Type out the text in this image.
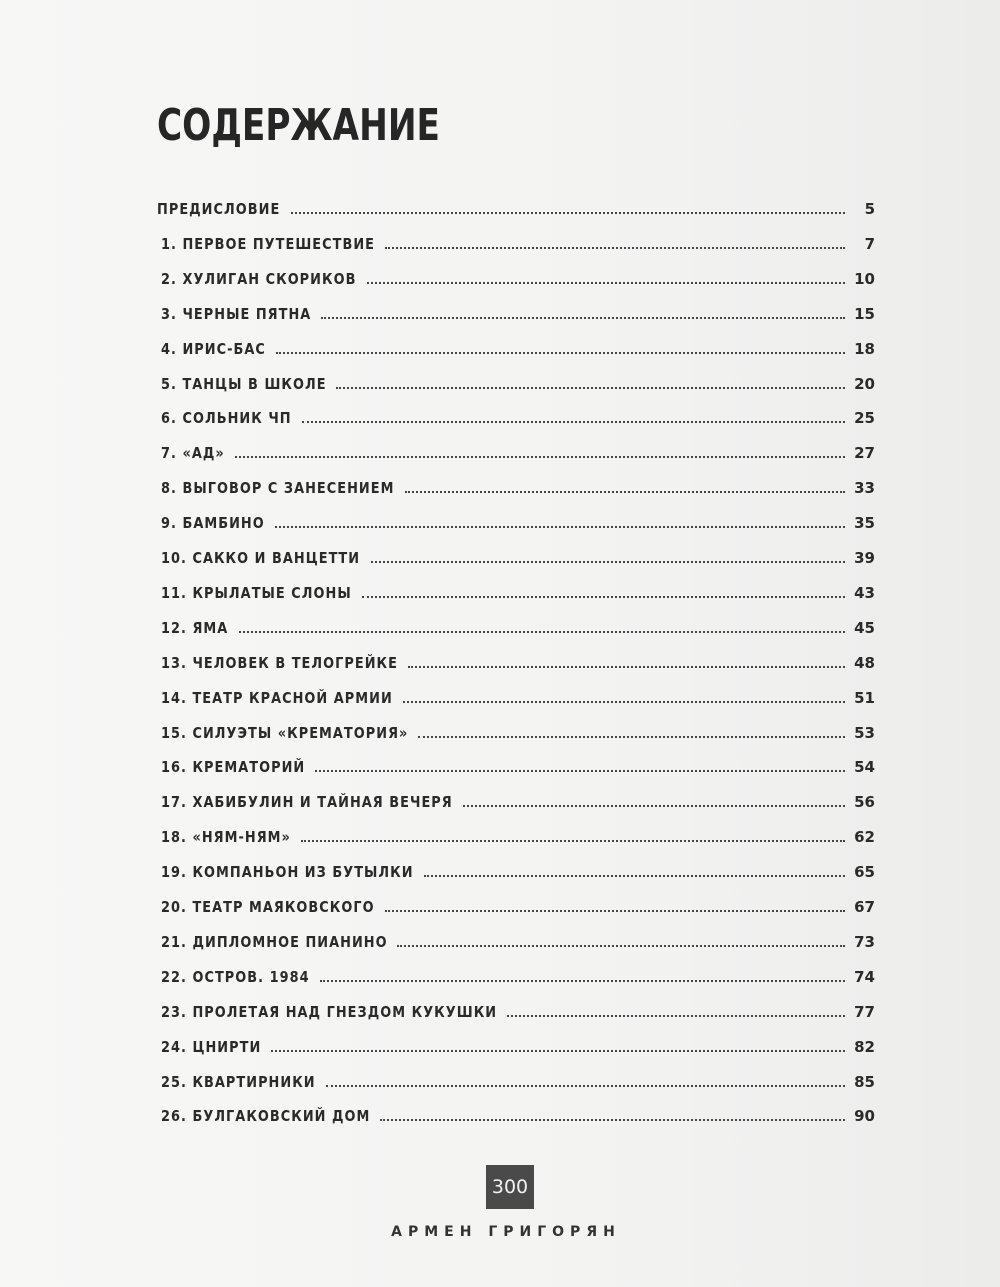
СОДЕРЖАНИЕ
ПРЕДИСЛОВИЕ	5
1. ПЕРВОЕ ПУТЕШЕСТВИЕ	7
2. ХУЛИГАН СКОРИКОВ	10
3. ЧЕРНЫЕ ПЯТНА	15
4. ИРИС-БАС	18
5. ТАНЦЫ В ШКОЛЕ	20
6. СОЛЬНИК ЧП	25
7. «АД»	27
8. ВЫГОВОР С ЗАНЕСЕНИЕМ	33
9. БАМБИНО	35
10. САККО И ВАНЦЕТТИ	39
11. КРЫЛАТЫЕ СЛОНЫ	43
12. ЯМА	45
13. ЧЕЛОВЕК В ТЕЛОГРЕЙКЕ	48
14. ТЕАТР КРАСНОЙ АРМИИ	51
15. СИЛУЭТЫ «КРЕМАТОРИЯ»	53
16. КРЕМАТОРИЙ	54
17. ХАБИБУЛИН И ТАЙНАЯ ВЕЧЕРЯ	56
18. «НЯМ-НЯМ»	62
19. КОМПАНЬОН ИЗ БУТЫЛКИ	65
20. ТЕАТР МАЯКОВСКОГО	67
21. ДИПЛОМНОЕ ПИАНИНО	73
22. ОСТРОВ. 1984	74
23. ПРОЛЕТАЯ НАД ГНЕЗДОМ КУКУШКИ	77
24. ЦНИРТИ	82
25. КВАРТИРНИКИ	85
26. БУЛГАКОВСКИЙ ДОМ	90
300
АРМЕН ГРИГОРЯН
